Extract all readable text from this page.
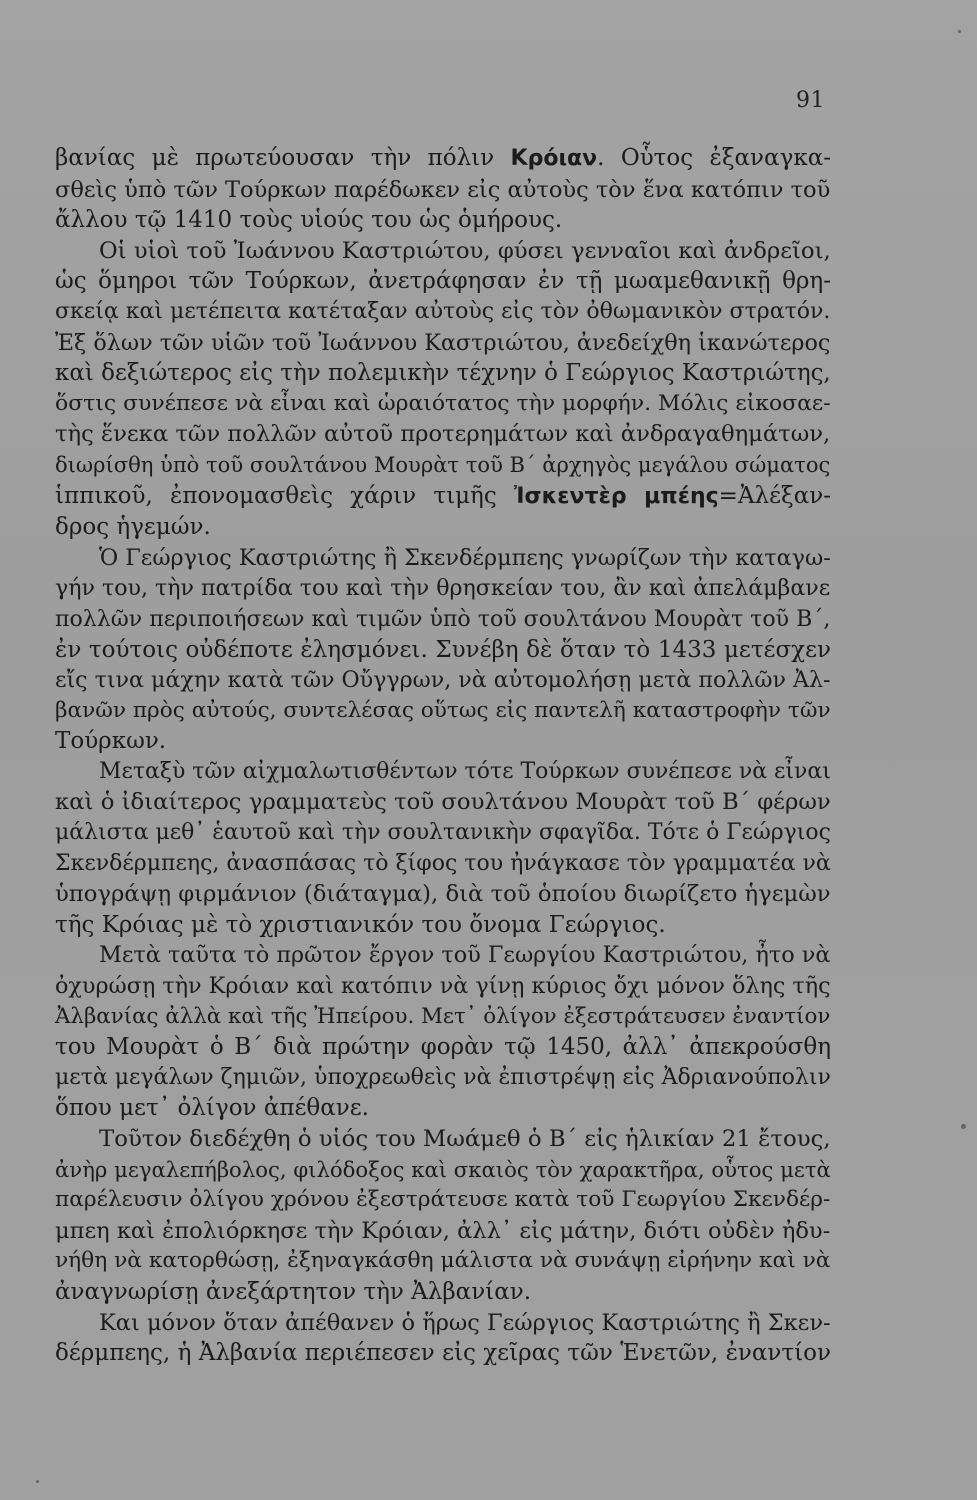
91

βανίας μὲ πρωτεύουσαν τὴν πόλιν Κρόιαν. Οὗτος ἐξαναγκα-
σθεὶς ὑπὸ τῶν Τούρκων παρέδωκεν εἰς αὐτοὺς τὸν ἕνα κατόπιν τοῦ
ἄλλου τῷ 1410 τοὺς υἱούς του ὡς ὁμήρους.

Οἱ υἱοὶ τοῦ Ἰωάννου Καστριώτου, φύσει γενναῖοι καὶ ἀνδρεῖοι,
ὡς ὅμηροι τῶν Τούρκων, ἀνετράφησαν ἐν τῇ μωαμεθανικῇ θρη-
σκείᾳ καὶ μετέπειτα κατέταξαν αὐτοὺς εἰς τὸν ὀθωμανικὸν στρατόν.
Ἐξ ὅλων τῶν υἱῶν τοῦ Ἰωάννου Καστριώτου, ἀνεδείχθη ἱκανώτερος
καὶ δεξιώτερος εἰς τὴν πολεμικὴν τέχνην ὁ Γεώργιος Καστριώτης,
ὅστις συνέπεσε νὰ εἶναι καὶ ὡραιότατος τὴν μορφήν. Μόλις εἰκοσαε-
τὴς ἕνεκα τῶν πολλῶν αὐτοῦ προτερημάτων καὶ ἀνδραγαθημάτων,
διωρίσθη ὑπὸ τοῦ σουλτάνου Μουρὰτ τοῦ Β΄ ἀρχηγὸς μεγάλου σώματος
ἱππικοῦ, ἐπονομασθεὶς χάριν τιμῆς Ἰσκεντὲρ μπέης=Ἀλέξαν-
δρος ἡγεμών.

Ὁ Γεώργιος Καστριώτης ἢ Σκενδέρμπεης γνωρίζων τὴν καταγω-
γήν του, τὴν πατρίδα του καὶ τὴν θρησκείαν του, ἂν καὶ ἀπελάμβανε
πολλῶν περιποιήσεων καὶ τιμῶν ὑπὸ τοῦ σουλτάνου Μουρὰτ τοῦ Β΄,
ἐν τούτοις οὐδέποτε ἐλησμόνει. Συνέβη δὲ ὅταν τὸ 1433 μετέσχεν
εἴς τινα μάχην κατὰ τῶν Οὔγγρων, νὰ αὐτομολήσῃ μετὰ πολλῶν Ἀλ-
βανῶν πρὸς αὐτούς, συντελέσας οὕτως εἰς παντελῆ καταστροφὴν τῶν
Τούρκων.

Μεταξὺ τῶν αἰχμαλωτισθέντων τότε Τούρκων συνέπεσε νὰ εἶναι
καὶ ὁ ἰδιαίτερος γραμματεὺς τοῦ σουλτάνου Μουρὰτ τοῦ Β΄ φέρων
μάλιστα μεθ᾽ ἑαυτοῦ καὶ τὴν σουλτανικὴν σφαγῖδα. Τότε ὁ Γεώργιος
Σκενδέρμπεης, ἀνασπάσας τὸ ξίφος του ἠνάγκασε τὸν γραμματέα νὰ
ὑπογράψῃ φιρμάνιον (διάταγμα), διὰ τοῦ ὁποίου διωρίζετο ἡγεμὼν
τῆς Κρόιας μὲ τὸ χριστιανικόν του ὄνομα Γεώργιος.

Μετὰ ταῦτα τὸ πρῶτον ἔργον τοῦ Γεωργίου Καστριώτου, ἦτο νὰ
ὀχυρώσῃ τὴν Κρόιαν καὶ κατόπιν νὰ γίνῃ κύριος ὄχι μόνον ὅλης τῆς
Ἀλβανίας ἀλλὰ καὶ τῆς Ἠπείρου. Μετ᾽ ὀλίγον ἐξεστράτευσεν ἐναντίον
του Μουρὰτ ὁ Β΄ διὰ πρώτην φορὰν τῷ 1450, ἀλλ᾽ ἀπεκρούσθη
μετὰ μεγάλων ζημιῶν, ὑποχρεωθεὶς νὰ ἐπιστρέψῃ εἰς Ἀδριανούπολιν
ὅπου μετ᾽ ὀλίγον ἀπέθανε.

Τοῦτον διεδέχθη ὁ υἱός του Μωάμεθ ὁ Β΄ εἰς ἡλικίαν 21 ἔτους,
ἀνὴρ μεγαλεπήβολος, φιλόδοξος καὶ σκαιὸς τὸν χαρακτῆρα, οὗτος μετὰ
παρέλευσιν ὀλίγου χρόνου ἐξεστράτευσε κατὰ τοῦ Γεωργίου Σκενδέρ-
μπεη καὶ ἐπολιόρκησε τὴν Κρόιαν, ἀλλ᾽ εἰς μάτην, διότι οὐδὲν ἠδυ-
νήθη νὰ κατορθώσῃ, ἐξηναγκάσθη μάλιστα νὰ συνάψῃ εἰρήνην καὶ νὰ
ἀναγνωρίσῃ ἀνεξάρτητον τὴν Ἀλβανίαν.

Και μόνον ὅταν ἀπέθανεν ὁ ἥρως Γεώργιος Καστριώτης ἢ Σκεν-
δέρμπεης, ἡ Ἀλβανία περιέπεσεν εἰς χεῖρας τῶν Ἑνετῶν, ἐναντίον
